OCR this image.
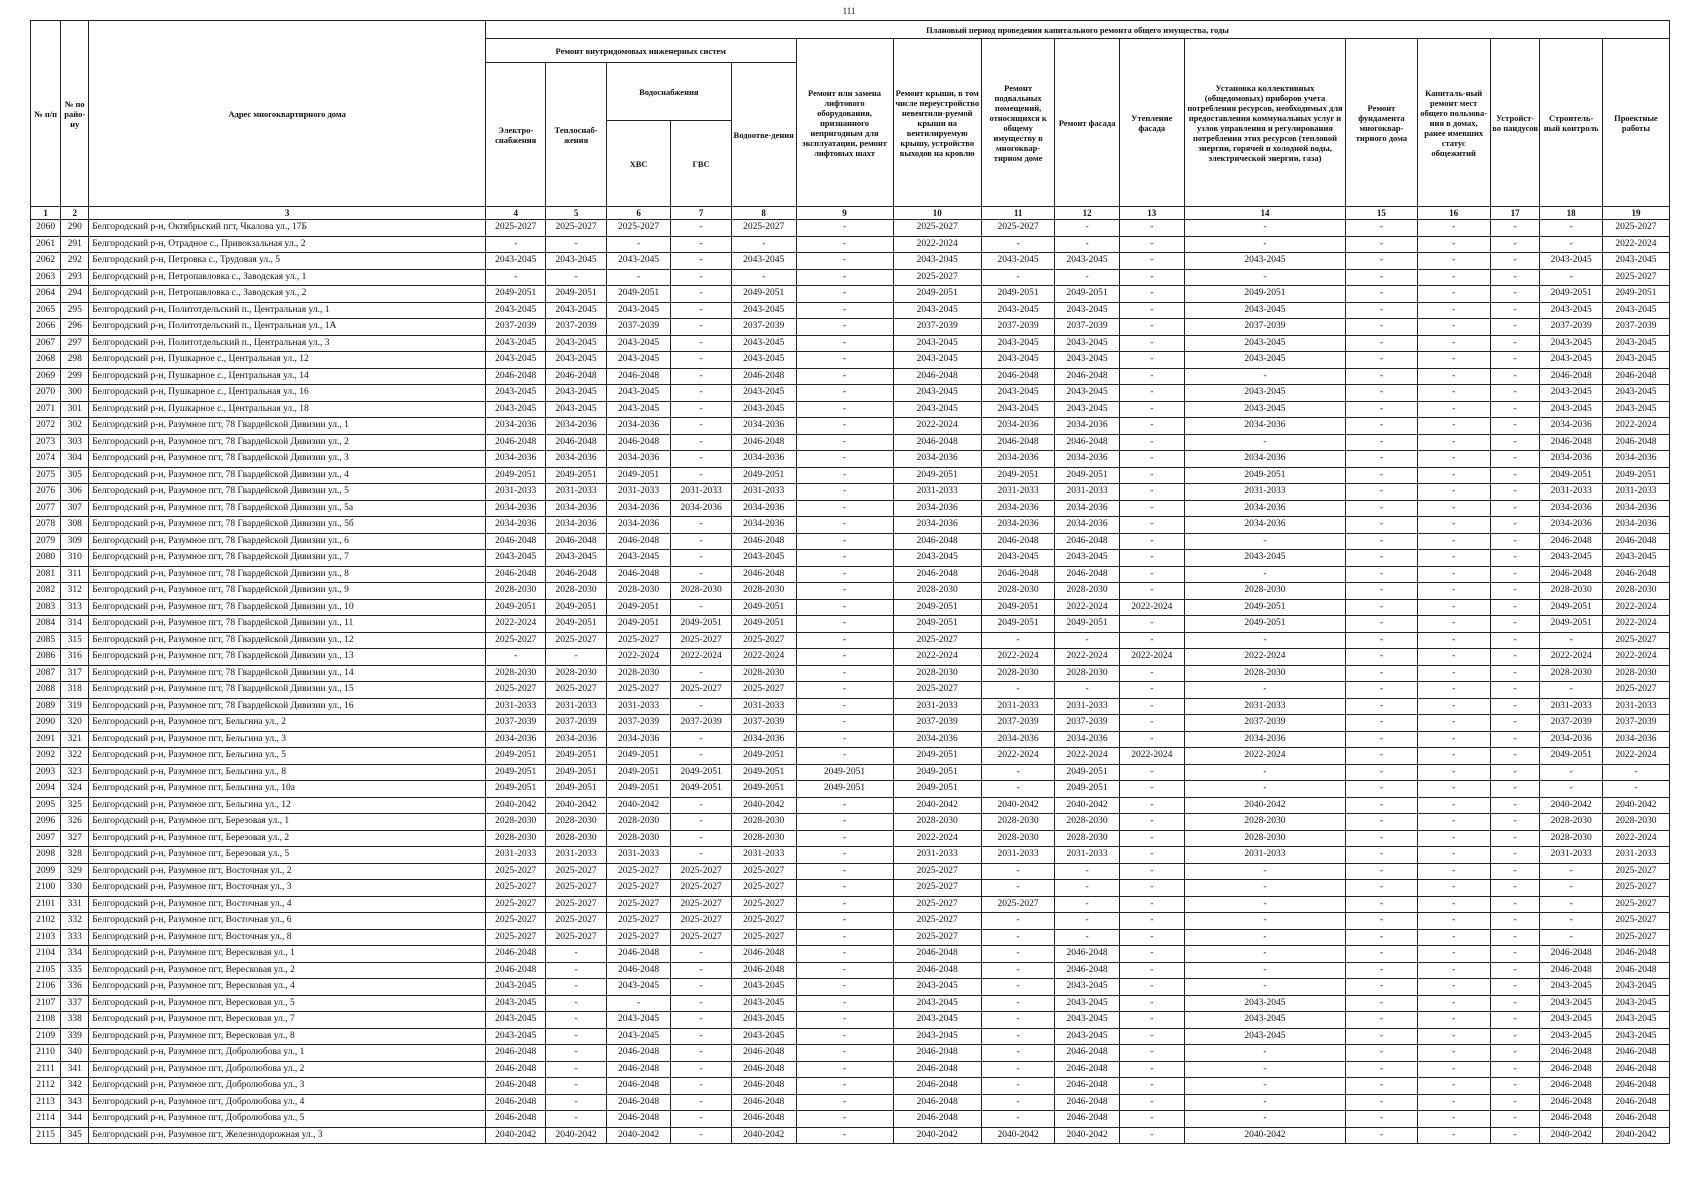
111
№ п/п	№ по райо-ну	Адрес многоквартирного дома	Плановый период проведения капитального ремонта общего имущества, годы															
			Ремонт внутридомовых инженерных систем					Ремонт или замена лифтового оборудования, признанного непригодным для эксплуатации, ремонт лифтовых шахт	Ремонт крыши, в том числе переустройство невентили-руемой крыши на вентилируемую крышу, устройство выходов на кровлю	Ремонт подвальных помещений, относящихся к общему имуществу в многоквар-тирном доме	Ремонт фасада	Утепление фасада	Установка коллективных (общедомовых) приборов учета потребления ресурсов, необходимых для предоставления коммунальных услуг и узлов управления и регулирования потребления этих ресурсов (тепловой энергии, горячей и холодной воды, электрической энергии, газа)	Ремонт фундамента многоквар-тирного дома	Капиталь-ный ремонт мест общего пользова-ния в домах, ранее имевших статус общежитий	Устройст-во пандусов	Строитель-ный контроль	Проектные работы
			Электро-снабжения	Теплоснаб-жения	Водоснабжения		Водоотве-дения											
					ХВС	ГВС												
1	2	3	4	5	6	7	8	9	10	11	12	13	14	15	16	17	18	19
2060	290	Белгородский р-н, Октябрьский пгт, Чкалова ул., 17Б	2025-2027	2025-2027	2025-2027	-	2025-2027	-	2025-2027	2025-2027	-	-	-	-	-	-	-	2025-2027
2061	291	Белгородский р-н, Отрадное с., Привокзальная ул., 2	-	-	-	-	-	-	2022-2024	-	-	-	-	-	-	-	-	2022-2024
2062	292	Белгородский р-н, Петровка с., Трудовая ул., 5	2043-2045	2043-2045	2043-2045	-	2043-2045	-	2043-2045	2043-2045	2043-2045	-	2043-2045	-	-	-	2043-2045	2043-2045
2063	293	Белгородский р-н, Петропавловка с., Заводская ул., 1	-	-	-	-	-	-	2025-2027	-	-	-	-	-	-	-	-	2025-2027
2064	294	Белгородский р-н, Петропавловка с., Заводская ул., 2	2049-2051	2049-2051	2049-2051	-	2049-2051	-	2049-2051	2049-2051	2049-2051	-	2049-2051	-	-	-	2049-2051	2049-2051
2065	295	Белгородский р-н, Политотдельский п., Центральная ул., 1	2043-2045	2043-2045	2043-2045	-	2043-2045	-	2043-2045	2043-2045	2043-2045	-	2043-2045	-	-	-	2043-2045	2043-2045
2066	296	Белгородский р-н, Политотдельский п., Центральная ул., 1А	2037-2039	2037-2039	2037-2039	-	2037-2039	-	2037-2039	2037-2039	2037-2039	-	2037-2039	-	-	-	2037-2039	2037-2039
2067	297	Белгородский р-н, Политотдельский п., Центральная ул., 3	2043-2045	2043-2045	2043-2045	-	2043-2045	-	2043-2045	2043-2045	2043-2045	-	2043-2045	-	-	-	2043-2045	2043-2045
2068	298	Белгородский р-н, Пушкарное с., Центральная ул., 12	2043-2045	2043-2045	2043-2045	-	2043-2045	-	2043-2045	2043-2045	2043-2045	-	2043-2045	-	-	-	2043-2045	2043-2045
2069	299	Белгородский р-н, Пушкарное с., Центральная ул., 14	2046-2048	2046-2048	2046-2048	-	2046-2048	-	2046-2048	2046-2048	2046-2048	-	-	-	-	-	2046-2048	2046-2048
2070	300	Белгородский р-н, Пушкарное с., Центральная ул., 16	2043-2045	2043-2045	2043-2045	-	2043-2045	-	2043-2045	2043-2045	2043-2045	-	2043-2045	-	-	-	2043-2045	2043-2045
2071	301	Белгородский р-н, Пушкарное с., Центральная ул., 18	2043-2045	2043-2045	2043-2045	-	2043-2045	-	2043-2045	2043-2045	2043-2045	-	2043-2045	-	-	-	2043-2045	2043-2045
2072	302	Белгородский р-н, Разумное пгт, 78 Гвардейской Дивизии ул., 1	2034-2036	2034-2036	2034-2036	-	2034-2036	-	2022-2024	2034-2036	2034-2036	-	2034-2036	-	-	-	2034-2036	2022-2024
2073	303	Белгородский р-н, Разумное пгт, 78 Гвардейской Дивизии ул., 2	2046-2048	2046-2048	2046-2048	-	2046-2048	-	2046-2048	2046-2048	2046-2048	-	-	-	-	-	2046-2048	2046-2048
2074	304	Белгородский р-н, Разумное пгт, 78 Гвардейской Дивизии ул., 3	2034-2036	2034-2036	2034-2036	-	2034-2036	-	2034-2036	2034-2036	2034-2036	-	2034-2036	-	-	-	2034-2036	2034-2036
2075	305	Белгородский р-н, Разумное пгт, 78 Гвардейской Дивизии ул., 4	2049-2051	2049-2051	2049-2051	-	2049-2051	-	2049-2051	2049-2051	2049-2051	-	2049-2051	-	-	-	2049-2051	2049-2051
2076	306	Белгородский р-н, Разумное пгт, 78 Гвардейской Дивизии ул., 5	2031-2033	2031-2033	2031-2033	2031-2033	2031-2033	-	2031-2033	2031-2033	2031-2033	-	2031-2033	-	-	-	2031-2033	2031-2033
2077	307	Белгородский р-н, Разумное пгт, 78 Гвардейской Дивизии ул., 5а	2034-2036	2034-2036	2034-2036	2034-2036	2034-2036	-	2034-2036	2034-2036	2034-2036	-	2034-2036	-	-	-	2034-2036	2034-2036
2078	308	Белгородский р-н, Разумное пгт, 78 Гвардейской Дивизии ул., 5б	2034-2036	2034-2036	2034-2036	-	2034-2036	-	2034-2036	2034-2036	2034-2036	-	2034-2036	-	-	-	2034-2036	2034-2036
2079	309	Белгородский р-н, Разумное пгт, 78 Гвардейской Дивизии ул., 6	2046-2048	2046-2048	2046-2048	-	2046-2048	-	2046-2048	2046-2048	2046-2048	-	-	-	-	-	2046-2048	2046-2048
2080	310	Белгородский р-н, Разумное пгт, 78 Гвардейской Дивизии ул., 7	2043-2045	2043-2045	2043-2045	-	2043-2045	-	2043-2045	2043-2045	2043-2045	-	2043-2045	-	-	-	2043-2045	2043-2045
2081	311	Белгородский р-н, Разумное пгт, 78 Гвардейской Дивизии ул., 8	2046-2048	2046-2048	2046-2048	-	2046-2048	-	2046-2048	2046-2048	2046-2048	-	-	-	-	-	2046-2048	2046-2048
2082	312	Белгородский р-н, Разумное пгт, 78 Гвардейской Дивизии ул., 9	2028-2030	2028-2030	2028-2030	2028-2030	2028-2030	-	2028-2030	2028-2030	2028-2030	-	2028-2030	-	-	-	2028-2030	2028-2030
2083	313	Белгородский р-н, Разумное пгт, 78 Гвардейской Дивизии ул., 10	2049-2051	2049-2051	2049-2051	-	2049-2051	-	2049-2051	2049-2051	2022-2024	2022-2024	2049-2051	-	-	-	2049-2051	2022-2024
2084	314	Белгородский р-н, Разумное пгт, 78 Гвардейской Дивизии ул., 11	2022-2024	2049-2051	2049-2051	2049-2051	2049-2051	-	2049-2051	2049-2051	2049-2051	-	2049-2051	-	-	-	2049-2051	2022-2024
2085	315	Белгородский р-н, Разумное пгт, 78 Гвардейской Дивизии ул., 12	2025-2027	2025-2027	2025-2027	2025-2027	2025-2027	-	2025-2027	-	-	-	-	-	-	-	-	2025-2027
2086	316	Белгородский р-н, Разумное пгт, 78 Гвардейской Дивизии ул., 13	-	-	2022-2024	2022-2024	2022-2024	-	2022-2024	2022-2024	2022-2024	2022-2024	2022-2024	-	-	-	2022-2024	2022-2024
2087	317	Белгородский р-н, Разумное пгт, 78 Гвардейской Дивизии ул., 14	2028-2030	2028-2030	2028-2030	-	2028-2030	-	2028-2030	2028-2030	2028-2030	-	2028-2030	-	-	-	2028-2030	2028-2030
2088	318	Белгородский р-н, Разумное пгт, 78 Гвардейской Дивизии ул., 15	2025-2027	2025-2027	2025-2027	2025-2027	2025-2027	-	2025-2027	-	-	-	-	-	-	-	-	2025-2027
2089	319	Белгородский р-н, Разумное пгт, 78 Гвардейской Дивизии ул., 16	2031-2033	2031-2033	2031-2033	-	2031-2033	-	2031-2033	2031-2033	2031-2033	-	2031-2033	-	-	-	2031-2033	2031-2033
2090	320	Белгородский р-н, Разумное пгт, Бельгина ул., 2	2037-2039	2037-2039	2037-2039	2037-2039	2037-2039	-	2037-2039	2037-2039	2037-2039	-	2037-2039	-	-	-	2037-2039	2037-2039
2091	321	Белгородский р-н, Разумное пгт, Бельгина ул., 3	2034-2036	2034-2036	2034-2036	-	2034-2036	-	2034-2036	2034-2036	2034-2036	-	2034-2036	-	-	-	2034-2036	2034-2036
2092	322	Белгородский р-н, Разумное пгт, Бельгина ул., 5	2049-2051	2049-2051	2049-2051	-	2049-2051	-	2049-2051	2022-2024	2022-2024	2022-2024	2022-2024	-	-	-	2049-2051	2022-2024
2093	323	Белгородский р-н, Разумное пгт, Бельгина ул., 8	2049-2051	2049-2051	2049-2051	2049-2051	2049-2051	2049-2051	2049-2051	-	2049-2051	-	-	-	-	-	-	-
2094	324	Белгородский р-н, Разумное пгт, Бельгина ул., 10а	2049-2051	2049-2051	2049-2051	2049-2051	2049-2051	2049-2051	2049-2051	-	2049-2051	-	-	-	-	-	-	-
2095	325	Белгородский р-н, Разумное пгт, Бельгина ул., 12	2040-2042	2040-2042	2040-2042	-	2040-2042	-	2040-2042	2040-2042	2040-2042	-	2040-2042	-	-	-	2040-2042	2040-2042
2096	326	Белгородский р-н, Разумное пгт, Березовая ул., 1	2028-2030	2028-2030	2028-2030	-	2028-2030	-	2028-2030	2028-2030	2028-2030	-	2028-2030	-	-	-	2028-2030	2028-2030
2097	327	Белгородский р-н, Разумное пгт, Березовая ул., 2	2028-2030	2028-2030	2028-2030	-	2028-2030	-	2022-2024	2028-2030	2028-2030	-	2028-2030	-	-	-	2028-2030	2022-2024
2098	328	Белгородский р-н, Разумное пгт, Березовая ул., 5	2031-2033	2031-2033	2031-2033	-	2031-2033	-	2031-2033	2031-2033	2031-2033	-	2031-2033	-	-	-	2031-2033	2031-2033
2099	329	Белгородский р-н, Разумное пгт, Восточная ул., 2	2025-2027	2025-2027	2025-2027	2025-2027	2025-2027	-	2025-2027	-	-	-	-	-	-	-	-	2025-2027
2100	330	Белгородский р-н, Разумное пгт, Восточная ул., 3	2025-2027	2025-2027	2025-2027	2025-2027	2025-2027	-	2025-2027	-	-	-	-	-	-	-	-	2025-2027
2101	331	Белгородский р-н, Разумное пгт, Восточная ул., 4	2025-2027	2025-2027	2025-2027	2025-2027	2025-2027	-	2025-2027	2025-2027	-	-	-	-	-	-	-	2025-2027
2102	332	Белгородский р-н, Разумное пгт, Восточная ул., 6	2025-2027	2025-2027	2025-2027	2025-2027	2025-2027	-	2025-2027	-	-	-	-	-	-	-	-	2025-2027
2103	333	Белгородский р-н, Разумное пгт, Восточная ул., 8	2025-2027	2025-2027	2025-2027	2025-2027	2025-2027	-	2025-2027	-	-	-	-	-	-	-	-	2025-2027
2104	334	Белгородский р-н, Разумное пгт, Вересковая ул., 1	2046-2048	-	2046-2048	-	2046-2048	-	2046-2048	-	2046-2048	-	-	-	-	-	2046-2048	2046-2048
2105	335	Белгородский р-н, Разумное пгт, Вересковая ул., 2	2046-2048	-	2046-2048	-	2046-2048	-	2046-2048	-	2046-2048	-	-	-	-	-	2046-2048	2046-2048
2106	336	Белгородский р-н, Разумное пгт, Вересковая ул., 4	2043-2045	-	2043-2045	-	2043-2045	-	2043-2045	-	2043-2045	-	-	-	-	-	2043-2045	2043-2045
2107	337	Белгородский р-н, Разумное пгт, Вересковая ул., 5	2043-2045	-	-	-	2043-2045	-	2043-2045	-	2043-2045	-	2043-2045	-	-	-	2043-2045	2043-2045
2108	338	Белгородский р-н, Разумное пгт, Вересковая ул., 7	2043-2045	-	2043-2045	-	2043-2045	-	2043-2045	-	2043-2045	-	2043-2045	-	-	-	2043-2045	2043-2045
2109	339	Белгородский р-н, Разумное пгт, Вересковая ул., 8	2043-2045	-	2043-2045	-	2043-2045	-	2043-2045	-	2043-2045	-	2043-2045	-	-	-	2043-2045	2043-2045
2110	340	Белгородский р-н, Разумное пгт, Добролюбова ул., 1	2046-2048	-	2046-2048	-	2046-2048	-	2046-2048	-	2046-2048	-	-	-	-	-	2046-2048	2046-2048
2111	341	Белгородский р-н, Разумное пгт, Добролюбова ул., 2	2046-2048	-	2046-2048	-	2046-2048	-	2046-2048	-	2046-2048	-	-	-	-	-	2046-2048	2046-2048
2112	342	Белгородский р-н, Разумное пгт, Добролюбова ул., 3	2046-2048	-	2046-2048	-	2046-2048	-	2046-2048	-	2046-2048	-	-	-	-	-	2046-2048	2046-2048
2113	343	Белгородский р-н, Разумное пгт, Добролюбова ул., 4	2046-2048	-	2046-2048	-	2046-2048	-	2046-2048	-	2046-2048	-	-	-	-	-	2046-2048	2046-2048
2114	344	Белгородский р-н, Разумное пгт, Добролюбова ул., 5	2046-2048	-	2046-2048	-	2046-2048	-	2046-2048	-	2046-2048	-	-	-	-	-	2046-2048	2046-2048
2115	345	Белгородский р-н, Разумное пгт, Железнодорожная ул., 3	2040-2042	2040-2042	2040-2042	-	2040-2042	-	2040-2042	2040-2042	2040-2042	-	2040-2042	-	-	-	2040-2042	2040-2042
